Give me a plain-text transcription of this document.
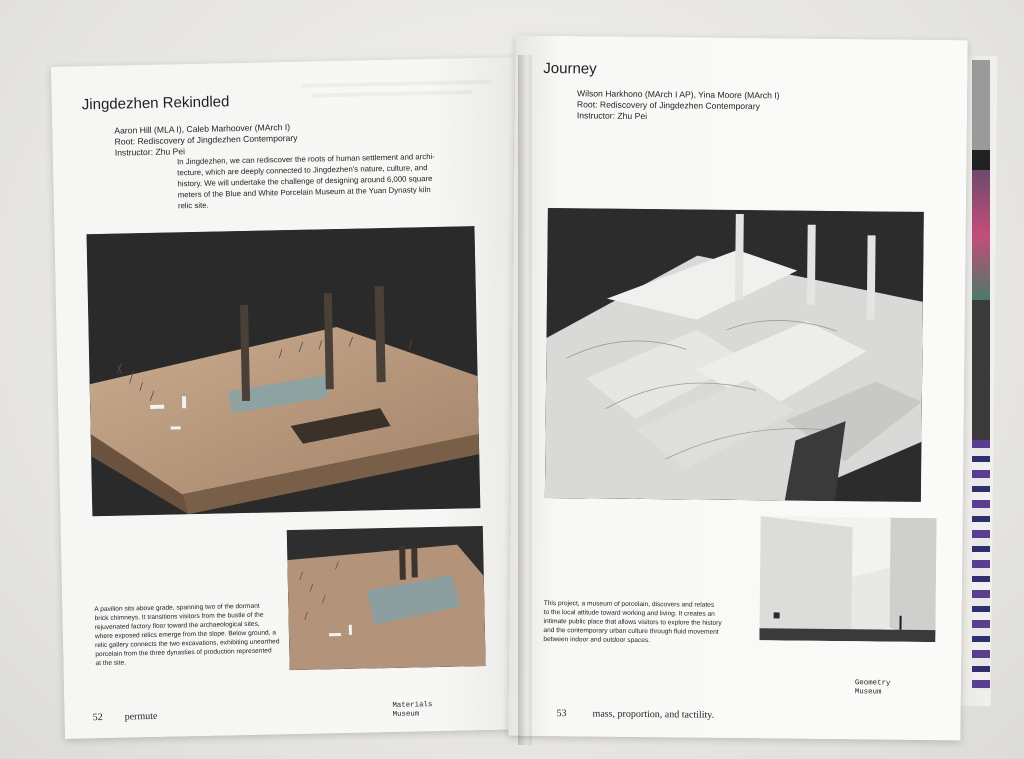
Jingdezhen Rekindled
Aaron Hill (MLA I), Caleb Marhoover (MArch I)
Root: Rediscovery of Jingdezhen Contemporary
Instructor: Zhu Pei
In Jingdezhen, we can rediscover the roots of human settlement and archi-
tecture, which are deeply connected to Jingdezhen's nature, culture, and
history. We will undertake the challenge of designing around 6,000 square
meters of the Blue and White Porcelain Museum at the Yuan Dynasty kiln
relic site.
A pavilion sits above grade, spanning two of the dormant
brick chimneys. It transitions visitors from the bustle of the
rejuvenated factory floor toward the archaeological sites,
where exposed relics emerge from the slope. Below ground, a
relic gallery connects the two excavations, exhibiting unearthed
porcelain from the three dynasties of production represented
at the site.
52 permute
Materials
Museum
Journey
Wilson Harkhono (MArch I AP), Yina Moore (MArch I)
Root: Rediscovery of Jingdezhen Contemporary
Instructor: Zhu Pei
This project, a museum of porcelain, discovers and relates
to the local attitude toward working and living. It creates an
intimate public place that allows visitors to explore the history
and the contemporary urban culture through fluid movement
between indoor and outdoor spaces.
Geometry
Museum
53	mass, proportion, and tactility.
